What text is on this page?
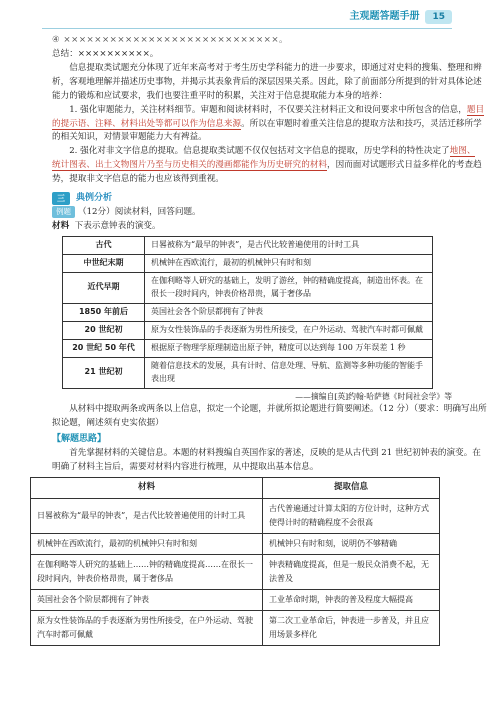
主观题答题手册	15
④ ××××××××××××××××××××××××××××。
总结：××××××××××。
信息提取类试题充分体现了近年来高考对于考生历史学科能力的进一步要求，即通过对史料的搜集、整理和辨
析，客观地理解并描述历史事物，并揭示其表象背后的深层因果关系。因此，除了前面部分所提到的针对具体论述
能力的锻炼和应试要求，我们也要注重平时的积累，关注对于信息提取能力本身的培养：
1. 强化审题能力，关注材料细节。审题和阅读材料时，不仅要关注材料正文和设问要求中所包含的信息，题目
的提示语、注释、材料出处等都可以作为信息来源。所以在审题时着重关注信息的提取方法和技巧，灵活迁移所学
的相关知识，对情景审题能力大有裨益。
2. 强化对非文字信息的提取。信息提取类试题不仅仅包括对文字信息的提取，历史学科的特性决定了地图、
统计图表、出土文物图片乃至与历史相关的漫画都能作为历史研究的材料，因而面对试题形式日益多样化的考查趋
势，提取非文字信息的能力也应该得到重视。
三	典例分析
例题 （12分）阅读材料，回答问题。
材料 下表示意钟表的演变。
古代	日晷被称为“最早的钟表”，是古代比较普遍使用的计时工具
中世纪末期	机械钟在西欧流行，最初的机械钟只有时和刻
近代早期	在伽利略等人研究的基础上，发明了游丝，钟的精确度提高，制造出怀表。在很长一段时间内，钟表价格昂贵，属于奢侈品
1850 年前后	英国社会各个阶层都拥有了钟表
20 世纪初	原为女性装饰品的手表逐渐为男性所接受，在户外运动、驾驶汽车时都可佩戴
20 世纪 50 年代	根据原子物理学原理制造出原子钟，精度可以达到每 100 万年误差 1 秒
21 世纪初	随着信息技术的发展，具有计时、信息处理、导航、监测等多种功能的智能手表出现
——摘编自[英]约翰·哈萨德《时间社会学》等
从材料中提取两条或两条以上信息，拟定一个论题，并就所拟论题进行简要阐述。（12 分）（要求：明确写出所
拟论题，阐述须有史实依据）
【解题思路】
首先掌握材料的关键信息。本题的材料搜编自英国作家的著述，反映的是从古代到 21 世纪初钟表的演变。在
明确了材料主旨后，需要对材料内容进行梳理，从中提取出基本信息。
材料	提取信息
日晷被称为“最早的钟表”，是古代比较普遍使用的计时工具	古代普遍通过计算太阳的方位计时，这种方式使得计时的精确程度不会很高
机械钟在西欧流行，最初的机械钟只有时和刻	机械钟只有时和刻，说明仍不够精确
在伽利略等人研究的基础上……钟的精确度提高……在很长一段时间内，钟表价格昂贵，属于奢侈品	钟表精确度提高，但是一般民众消费不起，无法普及
英国社会各个阶层都拥有了钟表	工业革命时期，钟表的普及程度大幅提高
原为女性装饰品的手表逐渐为男性所接受，在户外运动、驾驶汽车时都可佩戴	第二次工业革命后，钟表进一步普及，并且应用场景多样化
